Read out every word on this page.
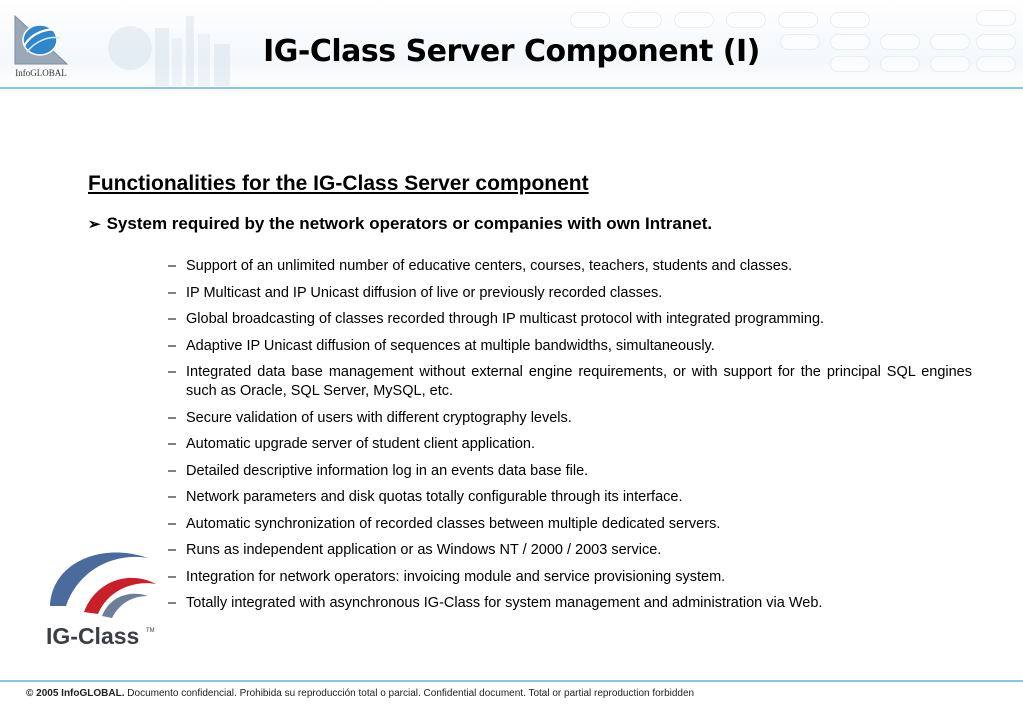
InfoGLOBAL
IG-Class Server Component (I)
Functionalities for the IG-Class Server component
➢ System required by the network operators or companies with own Intranet.
– Support of an unlimited number of educative centers, courses, teachers, students and classes.
– IP Multicast and IP Unicast diffusion of live or previously recorded classes.
– Global broadcasting of classes recorded through IP multicast protocol with integrated programming.
– Adaptive IP Unicast diffusion of sequences at multiple bandwidths, simultaneously.
– Integrated data base management without external engine requirements, or with support for the principal SQL engines such as Oracle, SQL Server, MySQL, etc.
– Secure validation of users with different cryptography levels.
– Automatic upgrade server of student client application.
– Detailed descriptive information log in an events data base file.
– Network parameters and disk quotas totally configurable through its interface.
– Automatic synchronization of recorded classes between multiple dedicated servers.
– Runs as independent application or as Windows NT / 2000 / 2003 service.
– Integration for network operators: invoicing module and service provisioning system.
– Totally integrated with asynchronous IG-Class for system management and administration via Web.
IG-Class TM
© 2005 InfoGLOBAL. Documento confidencial. Prohibida su reproducción total o parcial. Confidential document. Total or partial reproduction forbidden
